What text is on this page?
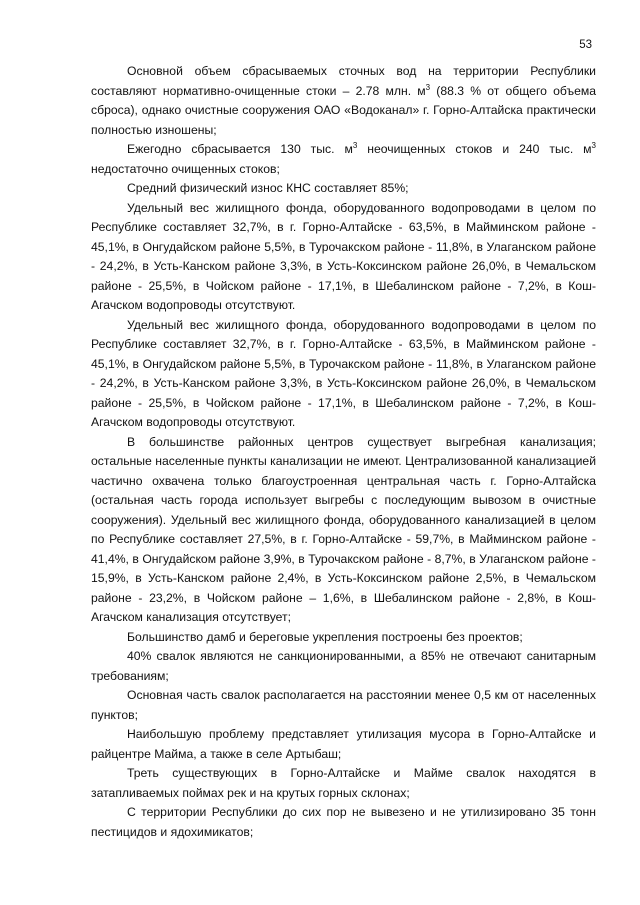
53

Основной объем сбрасываемых сточных вод на территории Республики составляют нормативно-очищенные стоки – 2.78 млн. $м^3$ (88.3 % от общего объема сброса), однако очистные сооружения ОАО «Водоканал» г. Горно-Алтайска практически полностью изношены;

Ежегодно сбрасывается 130 тыс. $м^3$ неочищенных стоков и 240 тыс. $м^3$ недостаточно очищенных стоков;

Средний физический износ КНС составляет 85%;

Удельный вес жилищного фонда, оборудованного водопроводами в целом по Республике составляет 32,7%, в г. Горно-Алтайске - 63,5%, в Майминском районе - 45,1%, в Онгудайском районе 5,5%, в Турочакском районе - 11,8%, в Улаганском районе - 24,2%, в Усть-Канском районе 3,3%, в Усть-Коксинском районе 26,0%, в Чемальском районе - 25,5%, в Чойском районе - 17,1%, в Шебалинском районе - 7,2%, в Кош-Агачском водопроводы отсутствуют.

Удельный вес жилищного фонда, оборудованного водопроводами в целом по Республике составляет 32,7%, в г. Горно-Алтайске - 63,5%, в Майминском районе - 45,1%, в Онгудайском районе 5,5%, в Турочакском районе - 11,8%, в Улаганском районе - 24,2%, в Усть-Канском районе 3,3%, в Усть-Коксинском районе 26,0%, в Чемальском районе - 25,5%, в Чойском районе - 17,1%, в Шебалинском районе - 7,2%, в Кош-Агачском водопроводы отсутствуют.

В большинстве районных центров существует выгребная канализация; остальные населенные пункты канализации не имеют. Централизованной канализацией частично охвачена только благоустроенная центральная часть г. Горно-Алтайска (остальная часть города использует выгребы с последующим вывозом в очистные сооружения). Удельный вес жилищного фонда, оборудованного канализацией в целом по Республике составляет 27,5%, в г. Горно-Алтайске - 59,7%, в Майминском районе - 41,4%, в Онгудайском районе 3,9%, в Турочакском районе - 8,7%, в Улаганском районе - 15,9%, в Усть-Канском районе 2,4%, в Усть-Коксинском районе 2,5%, в Чемальском районе - 23,2%, в Чойском районе – 1,6%, в Шебалинском районе - 2,8%, в Кош-Агачском канализация отсутствует;

Большинство дамб и береговые укрепления построены без проектов;

40% свалок являются не санкционированными, а 85% не отвечают санитарным требованиям;

Основная часть свалок располагается на расстоянии менее 0,5 км от населенных пунктов;

Наибольшую проблему представляет утилизация мусора в Горно-Алтайске и райцентре Майма, а также в селе Артыбаш;

Треть существующих в Горно-Алтайске и Майме свалок находятся в затапливаемых поймах рек и на крутых горных склонах;

С территории Республики до сих пор не вывезено и не утилизировано 35 тонн пестицидов и ядохимикатов;
